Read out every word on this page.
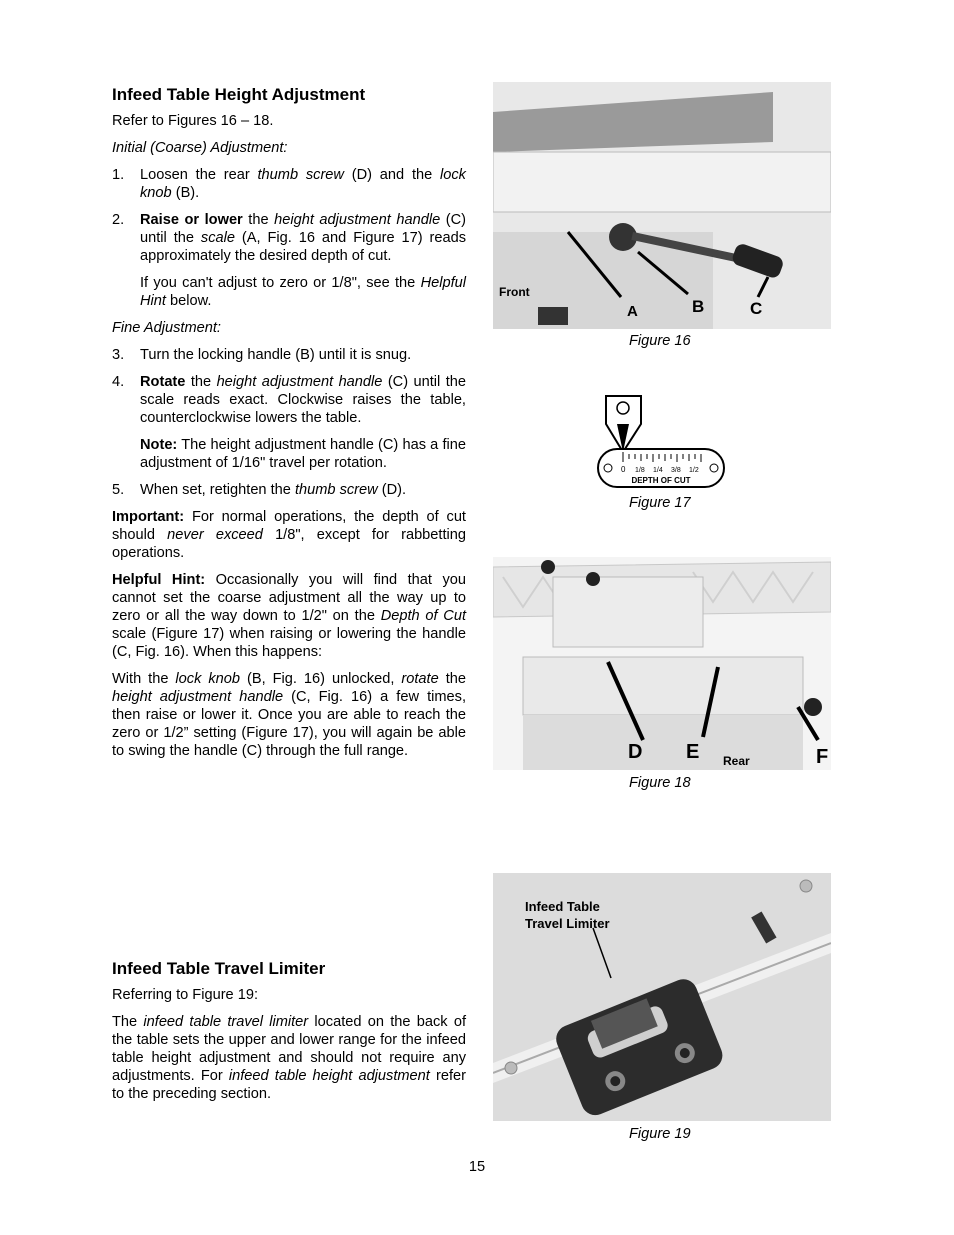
Infeed Table Height Adjustment

Refer to Figures 16 – 18.

Initial (Coarse) Adjustment:

1. Loosen the rear thumb screw (D) and the lock knob (B).
2. Raise or lower the height adjustment handle (C) until the scale (A, Fig. 16 and Figure 17) reads approximately the desired depth of cut.
If you can't adjust to zero or 1/8", see the Helpful Hint below.

Fine Adjustment:

3. Turn the locking handle (B) until it is snug.
4. Rotate the height adjustment handle (C) until the scale reads exact. Clockwise raises the table, counterclockwise lowers the table.
Note: The height adjustment handle (C) has a fine adjustment of 1/16" travel per rotation.
5. When set, retighten the thumb screw (D).

Important: For normal operations, the depth of cut should never exceed 1/8", except for rabbetting operations.

Helpful Hint: Occasionally you will find that you cannot set the coarse adjustment all the way up to zero or all the way down to 1/2" on the Depth of Cut scale (Figure 17) when raising or lowering the handle (C, Fig. 16). When this happens:

With the lock knob (B, Fig. 16) unlocked, rotate the height adjustment handle (C, Fig. 16) a few times, then raise or lower it. Once you are able to reach the zero or 1/2” setting (Figure 17), you will again be able to swing the handle (C) through the full range.

Infeed Table Travel Limiter

Referring to Figure 19:

The infeed table travel limiter located on the back of the table sets the upper and lower range for the infeed table height adjustment and should not require any adjustments. For infeed table height adjustment refer to the preceding section.

Front
A	B	C
Figure 16
0 1/8 1/4 3/8 1/2
DEPTH OF CUT
Figure 17
D E Rear	F
Figure 18
Infeed Table
Travel Limiter
Figure 19
15
